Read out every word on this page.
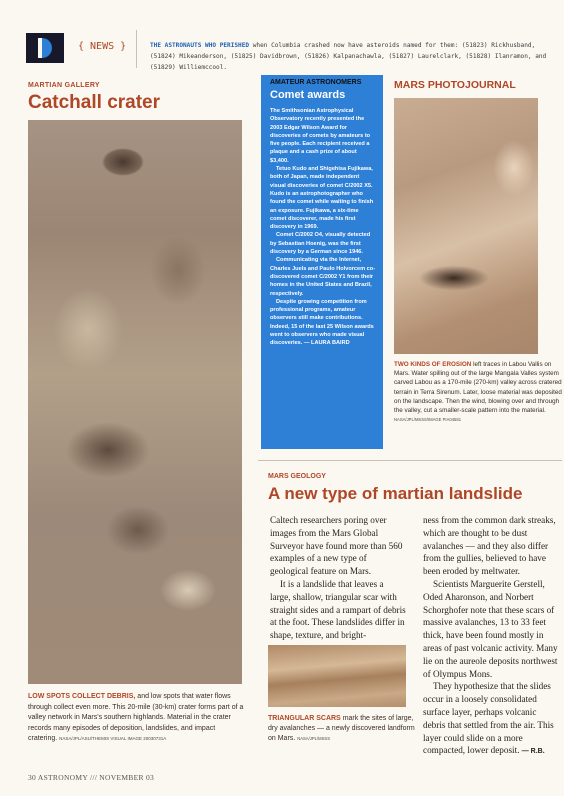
{ NEWS }	THE ASTRONAUTS WHO PERISHED when Columbia crashed now have asteroids named for them: (51823) Rickhusband, (51824) Mikeanderson, (51825) Davidbrown, (51826) Kalpanachawla, (51827) Laurelclark, (51828) Ilanramon, and (51829) Williemccool.
MARTIAN GALLERY
Catchall crater
LOW SPOTS COLLECT DEBRIS, and low spots that water flows through collect even more. This 20-mile (30-km) crater forms part of a valley network in Mars's southern highlands. Material in the crater records many episodes of deposition, landslides, and impact cratering. NASA/JPL/ASU/THEMIS VISUAL IMAGE 20030731A
AMATEUR ASTRONOMERS
Comet awards

The Smithsonian Astrophysical Observatory recently presented the 2003 Edgar Wilson Award for discoveries of comets by amateurs to five people. Each recipient received a plaque and a cash prize of about $3,400.

Tetuo Kudo and Shigehisa Fujikawa, both of Japan, made independent visual discoveries of comet C/2002 X5. Kudo is an astrophotographer who found the comet while waiting to finish an exposure. Fujikawa, a six-time comet discoverer, made his first discovery in 1969.

Comet C/2002 O4, visually detected by Sebastian Hoenig, was the first discovery by a German since 1946.

Communicating via the Internet, Charles Juels and Paulo Holvorcem co-discovered comet C/2002 Y1 from their homes in the United States and Brazil, respectively.

Despite growing competition from professional programs, amateur observers still make contributions. Indeed, 15 of the last 25 Wilson awards went to observers who made visual discoveries. — LAURA BAIRD

MARS PHOTOJOURNAL
TWO KINDS OF EROSION left traces in Labou Vallis on Mars. Water spilling out of the large Mangala Valles system carved Labou as a 170-mile (270-km) valley across cratered terrain in Terra Sirenum. Later, loose material was deposited on the landscape. Then the wind, blowing over and through the valley, cut a smaller-scale pattern into the material. NASA/JPL/MSSS/IMAGE PIA04581
MARS GEOLOGY
A new type of martian landslide

Caltech researchers poring over images from the Mars Global Surveyor have found more than 560 examples of a new type of geological feature on Mars.

It is a landslide that leaves a large, shallow, triangular scar with straight sides and a rampart of debris at the foot. These landslides differ in shape, texture, and bright-

ness from the common dark streaks, which are thought to be dust avalanches — and they also differ from the gullies, believed to have been eroded by meltwater.

Scientists Marguerite Gerstell, Oded Aharonson, and Norbert Schorghofer note that these scars of massive avalanches, 13 to 33 feet thick, have been found mostly in areas of past volcanic activity. Many lie on the aureole deposits northwest of Olympus Mons.

They hypothesize that the slides occur in a loosely consolidated surface layer, perhaps volcanic debris that settled from the air. This layer could slide on a more compacted, lower deposit. — R.B.

TRIANGULAR SCARS mark the sites of large, dry avalanches — a newly discovered landform on Mars. NASA/JPL/MSSS
30 ASTRONOMY /// NOVEMBER 03
